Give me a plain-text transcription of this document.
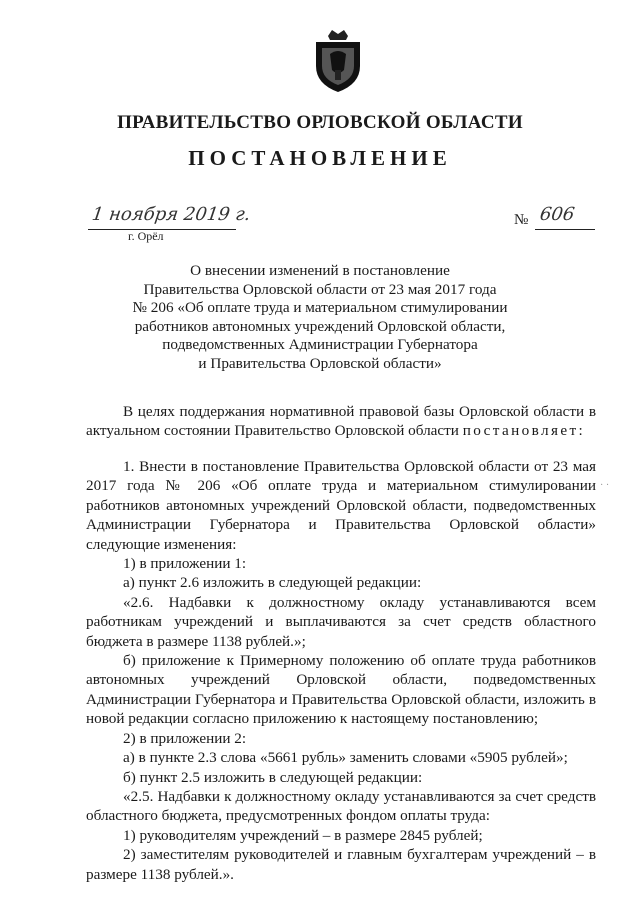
ПРАВИТЕЛЬСТВО ОРЛОВСКОЙ ОБЛАСТИ
ПОСТАНОВЛЕНИЕ
1 ноября 2019 г.
г. Орёл
№ 606
О внесении изменений в постановление
Правительства Орловской области от 23 мая 2017 года
№ 206 «Об оплате труда и материальном стимулировании
работников автономных учреждений Орловской области,
подведомственных Администрации Губернатора
и Правительства Орловской области»

В целях поддержания нормативной правовой базы Орловской области в актуальном состоянии Правительство Орловской области постановляет:

1. Внести в постановление Правительства Орловской области от 23 мая 2017 года № 206 «Об оплате труда и материальном стимулировании работников автономных учреждений Орловской области, подведомственных Администрации Губернатора и Правительства Орловской области» следующие изменения:

1) в приложении 1:

а) пункт 2.6 изложить в следующей редакции:

«2.6. Надбавки к должностному окладу устанавливаются всем работникам учреждений и выплачиваются за счет средств областного бюджета в размере 1138 рублей.»;

б) приложение к Примерному положению об оплате труда работников автономных учреждений Орловской области, подведомственных Администрации Губернатора и Правительства Орловской области, изложить в новой редакции согласно приложению к настоящему постановлению;

2) в приложении 2:

а) в пункте 2.3 слова «5661 рубль» заменить словами «5905 рублей»;

б) пункт 2.5 изложить в следующей редакции:

«2.5. Надбавки к должностному окладу устанавливаются за счет средств областного бюджета, предусмотренных фондом оплаты труда:

1) руководителям учреждений – в размере 2845 рублей;

2) заместителям руководителей и главным бухгалтерам учреждений – в размере 1138 рублей.».

· ·
